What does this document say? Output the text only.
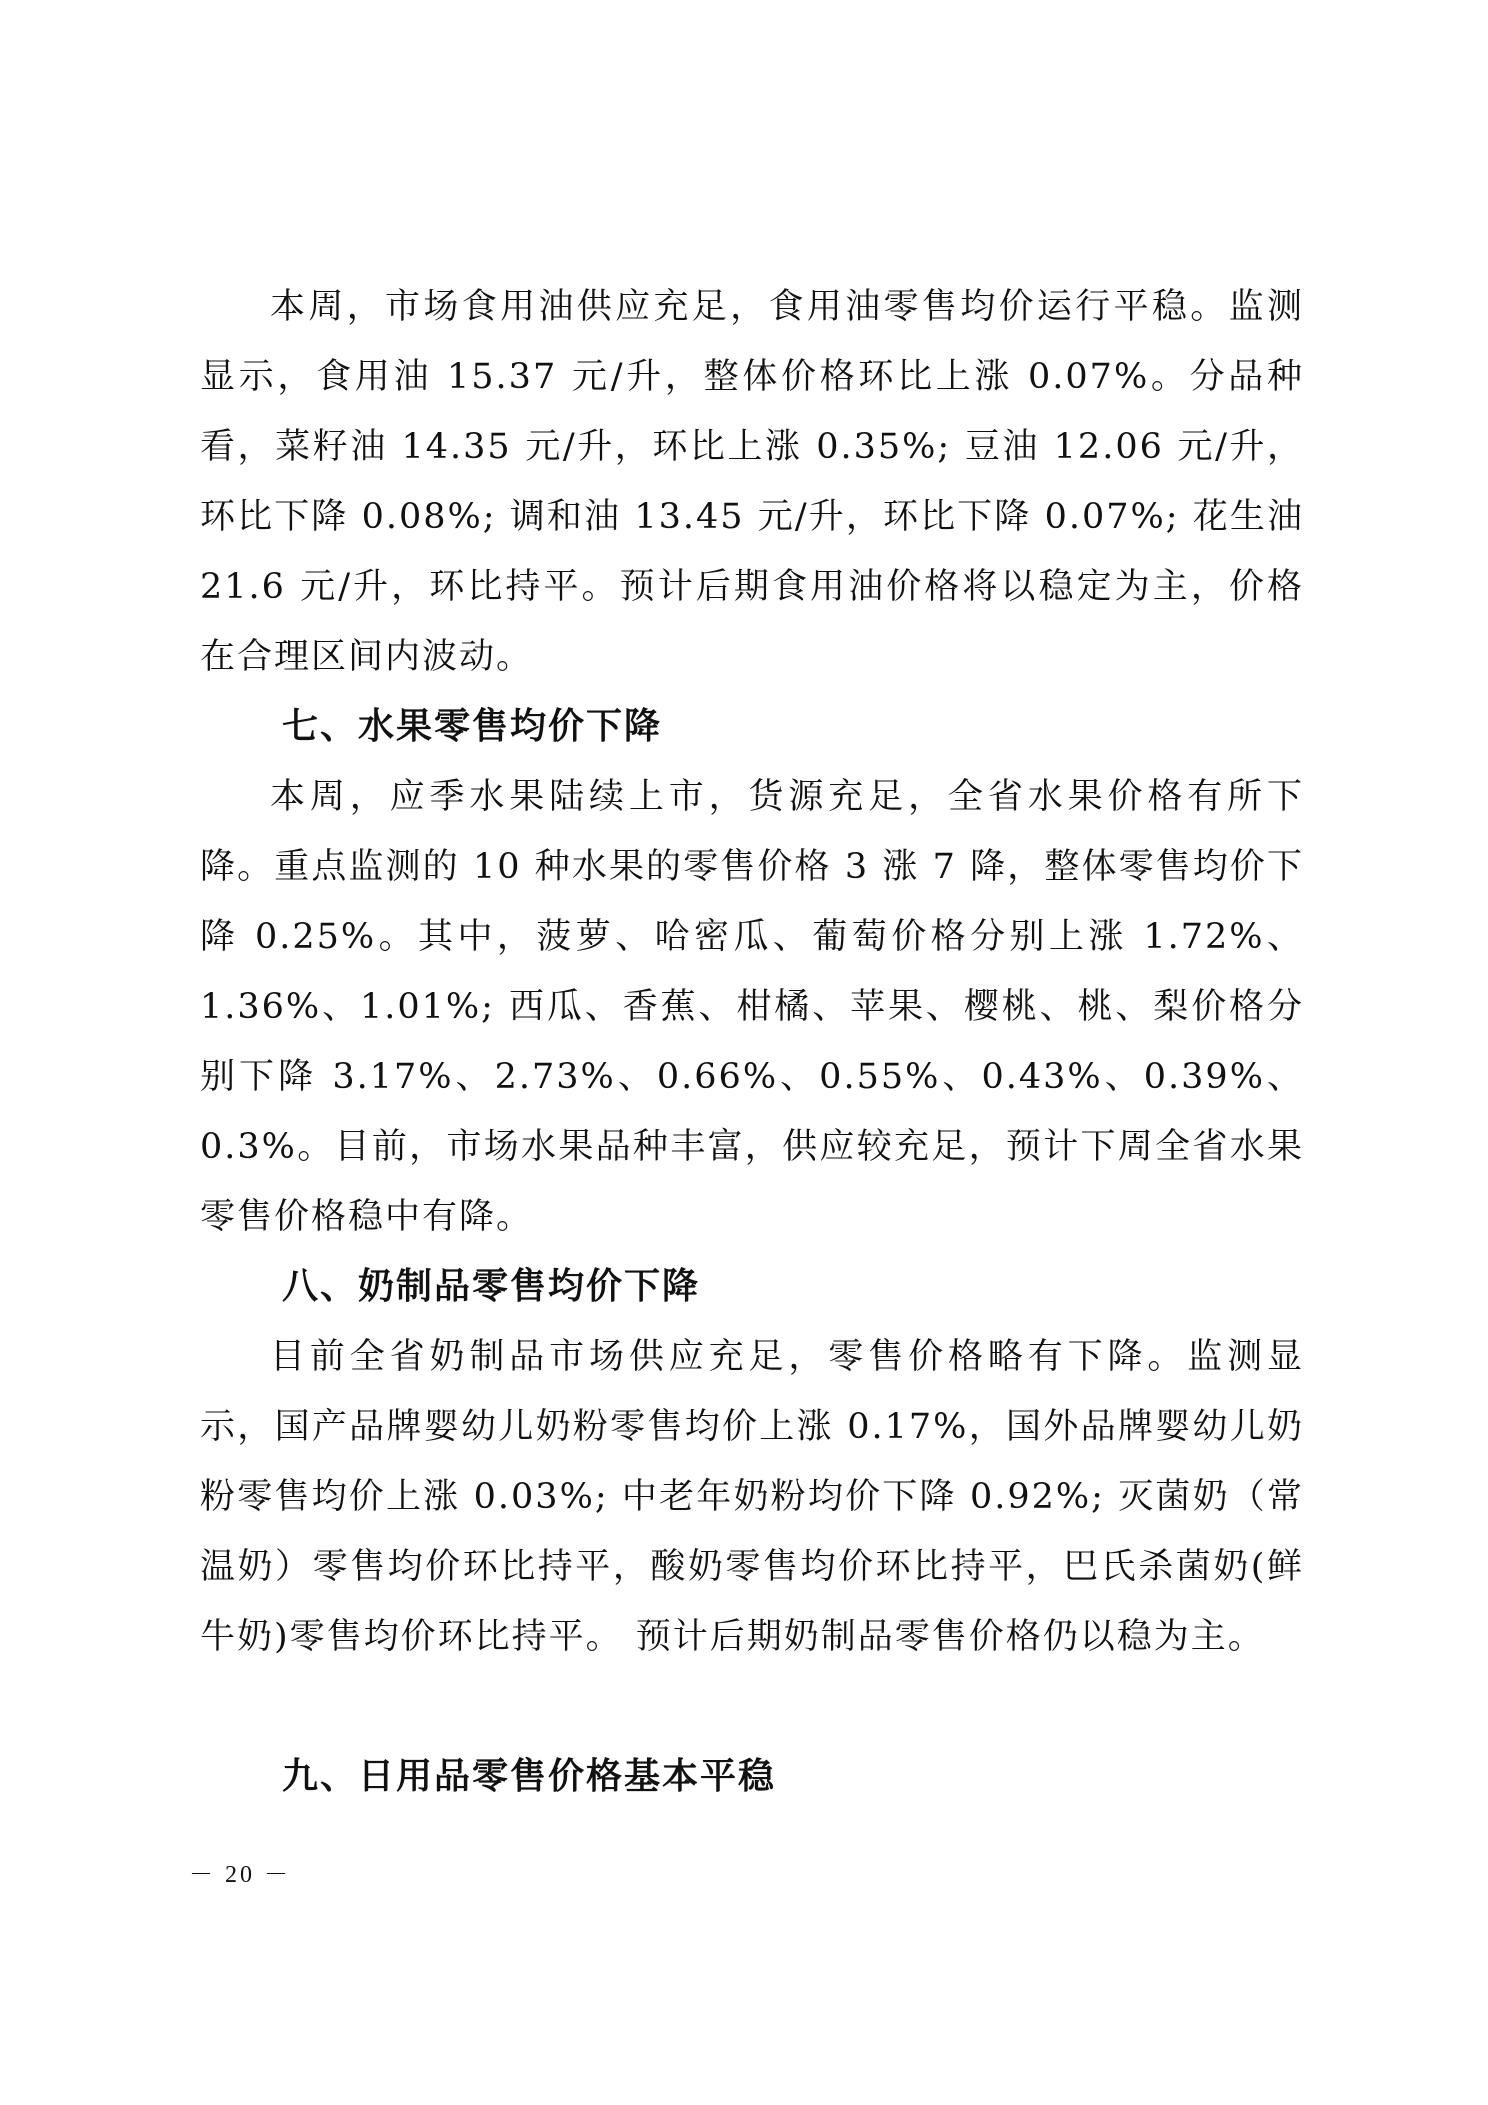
本周，市场食用油供应充足，食用油零售均价运行平稳。监测显示，食用油 15.37 元/升，整体价格环比上涨 0.07%。分品种看，菜籽油 14.35 元/升，环比上涨 0.35%; 豆油 12.06 元/升，环比下降 0.08%; 调和油 13.45 元/升，环比下降 0.07%; 花生油 21.6 元/升，环比持平。预计后期食用油价格将以稳定为主，价格在合理区间内波动。

七、水果零售均价下降

本周，应季水果陆续上市，货源充足，全省水果价格有所下降。重点监测的 10 种水果的零售价格 3 涨 7 降，整体零售均价下降 0.25%。其中，菠萝、哈密瓜、葡萄价格分别上涨 1.72%、1.36%、1.01%; 西瓜、香蕉、柑橘、苹果、樱桃、桃、梨价格分别下降 3.17%、2.73%、0.66%、0.55%、0.43%、0.39%、0.3%。目前，市场水果品种丰富，供应较充足，预计下周全省水果零售价格稳中有降。

八、奶制品零售均价下降

目前全省奶制品市场供应充足，零售价格略有下降。监测显示，国产品牌婴幼儿奶粉零售均价上涨 0.17%，国外品牌婴幼儿奶粉零售均价上涨 0.03%; 中老年奶粉均价下降 0.92%; 灭菌奶（常温奶）零售均价环比持平，酸奶零售均价环比持平，巴氏杀菌奶(鲜牛奶)零售均价环比持平。 预计后期奶制品零售价格仍以稳为主。

九、日用品零售价格基本平稳
－ 20 －
